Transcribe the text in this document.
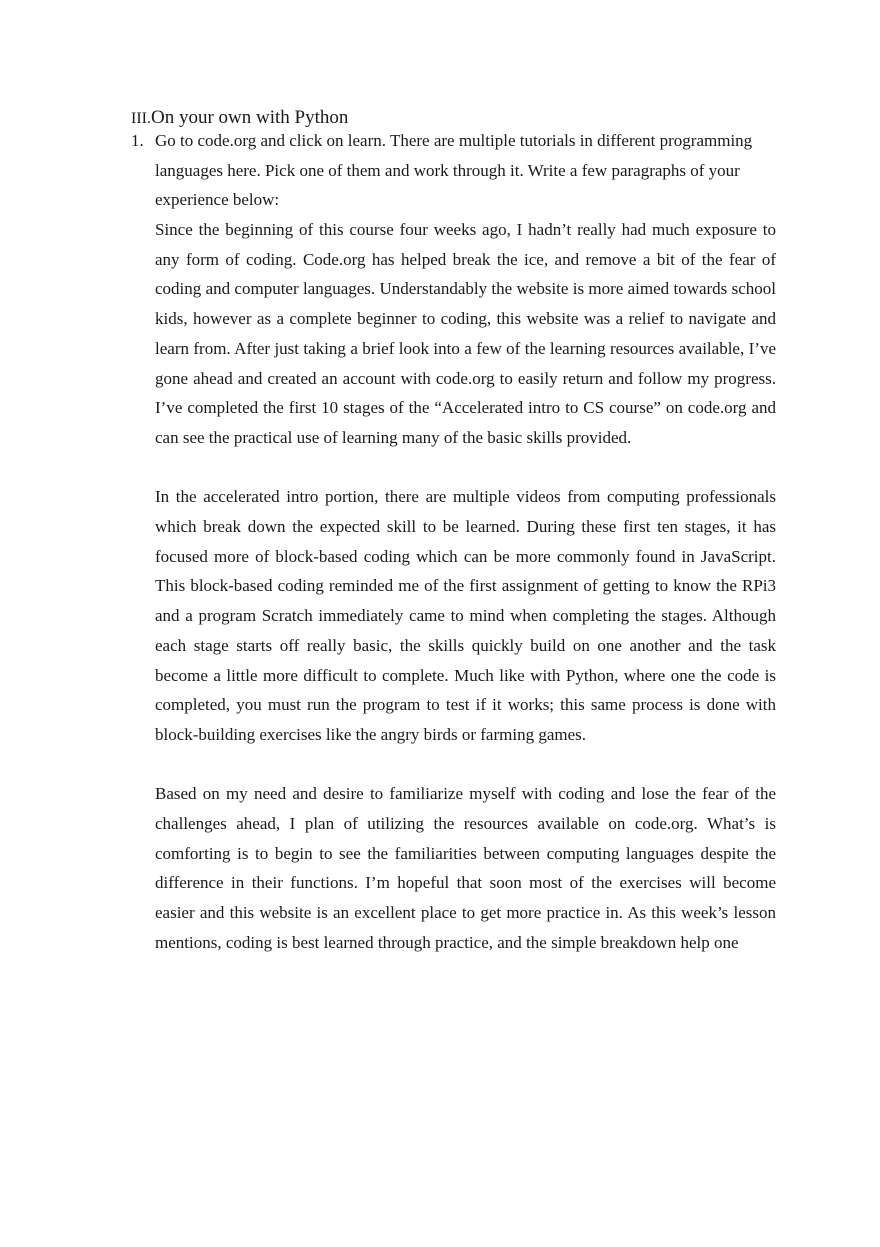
III.On your own with Python
1. Go to code.org and click on learn. There are multiple tutorials in different programming languages here. Pick one of them and work through it. Write a few paragraphs of your experience below:

Since the beginning of this course four weeks ago, I hadn’t really had much exposure to any form of coding. Code.org has helped break the ice, and remove a bit of the fear of coding and computer languages. Understandably the website is more aimed towards school kids, however as a complete beginner to coding, this website was a relief to navigate and learn from. After just taking a brief look into a few of the learning resources available, I’ve gone ahead and created an account with code.org to easily return and follow my progress. I’ve completed the first 10 stages of the “Accelerated intro to CS course” on code.org and can see the practical use of learning many of the basic skills provided.

In the accelerated intro portion, there are multiple videos from computing professionals which break down the expected skill to be learned. During these first ten stages, it has focused more of block-based coding which can be more commonly found in JavaScript. This block-based coding reminded me of the first assignment of getting to know the RPi3 and a program Scratch immediately came to mind when completing the stages. Although each stage starts off really basic, the skills quickly build on one another and the task become a little more difficult to complete. Much like with Python, where one the code is completed, you must run the program to test if it works; this same process is done with block-building exercises like the angry birds or farming games.

Based on my need and desire to familiarize myself with coding and lose the fear of the challenges ahead, I plan of utilizing the resources available on code.org. What’s is comforting is to begin to see the familiarities between computing languages despite the difference in their functions. I’m hopeful that soon most of the exercises will become easier and this website is an excellent place to get more practice in. As this week’s lesson mentions, coding is best learned through practice, and the simple breakdown help one
